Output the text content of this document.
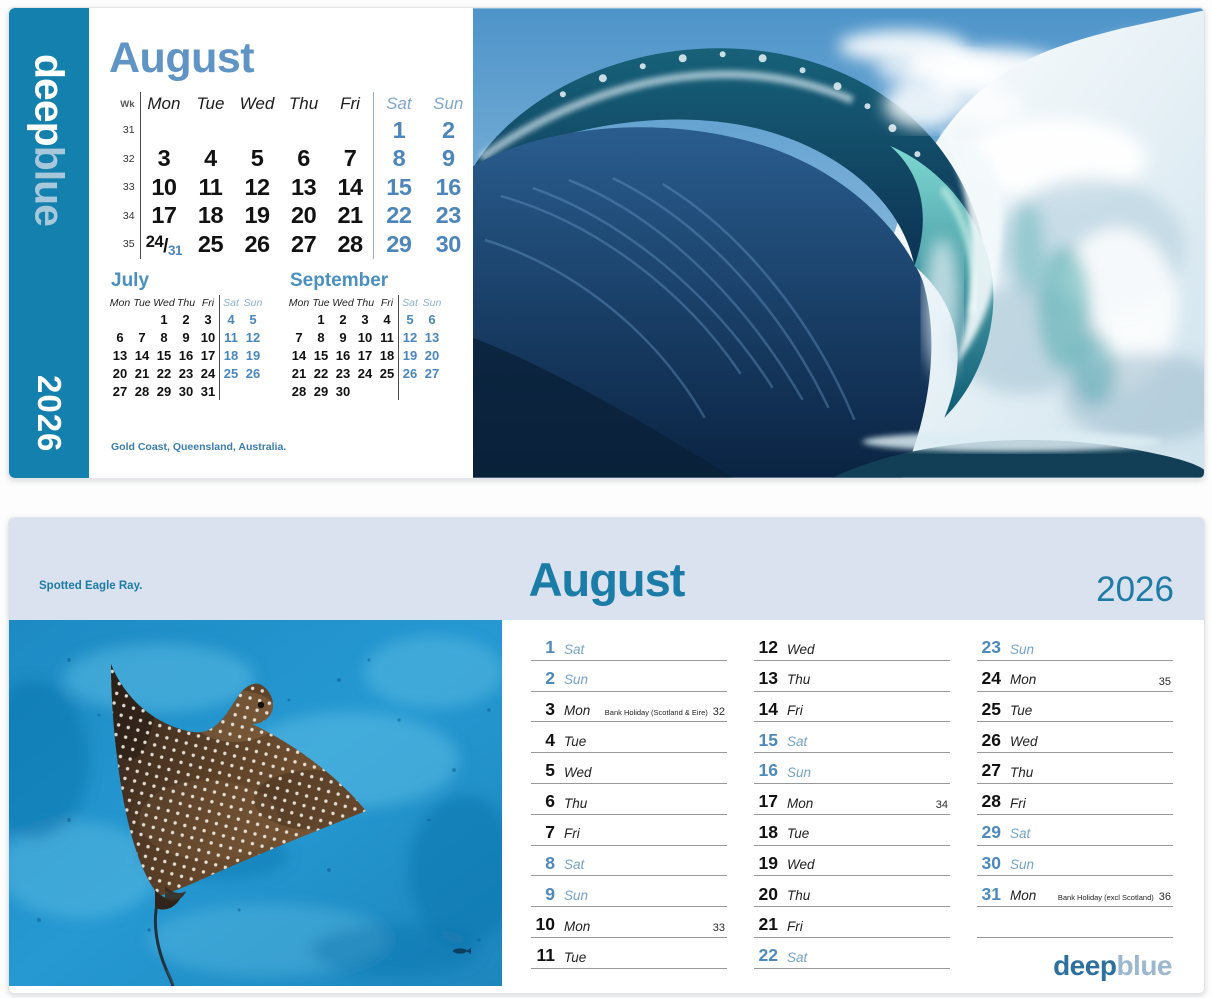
August
Wk	Mon	Tue	Wed	Thu	Fri	Sat	Sun
31						1	2
32	3	4	5	6	7	8	9
33	10	11	12	13	14	15	16
34	17	18	19	20	21	22	23
35	$^{24}$/31	25	26	27	28	29	30
July
Mon	Tue	Wed	Thu	Fri	Sat	Sun
		1	2	3	4	5
6	7	8	9	10	11	12
13	14	15	16	17	18	19
20	21	22	23	24	25	26
27	28	29	30	31		
September
Mon	Tue	Wed	Thu	Fri	Sat	Sun
	1	2	3	4	5	6
7	8	9	10	11	12	13
14	15	16	17	18	19	20
21	22	23	24	25	26	27
28	29	30				
Gold Coast, Queensland, Australia.
deepblue
2026
Spotted Eagle Ray.	August	2026
1 Sat
2 Sun
3 Mon Bank Holiday (Scotland & Eire) 32
4 Tue
5 Wed
6 Thu
7 Fri
8 Sat
9 Sun
10 Mon	33
11 Tue
12 Wed
13 Thu
14 Fri
15 Sat
16 Sun
17 Mon	34
18 Tue
19 Wed
20 Thu
21 Fri
22 Sat
23 Sun
24 Mon	35
25 Tue
26 Wed
27 Thu
28 Fri
29 Sat
30 Sun
31 Mon	Bank Holiday (excl Scotland) 36
deepblue
